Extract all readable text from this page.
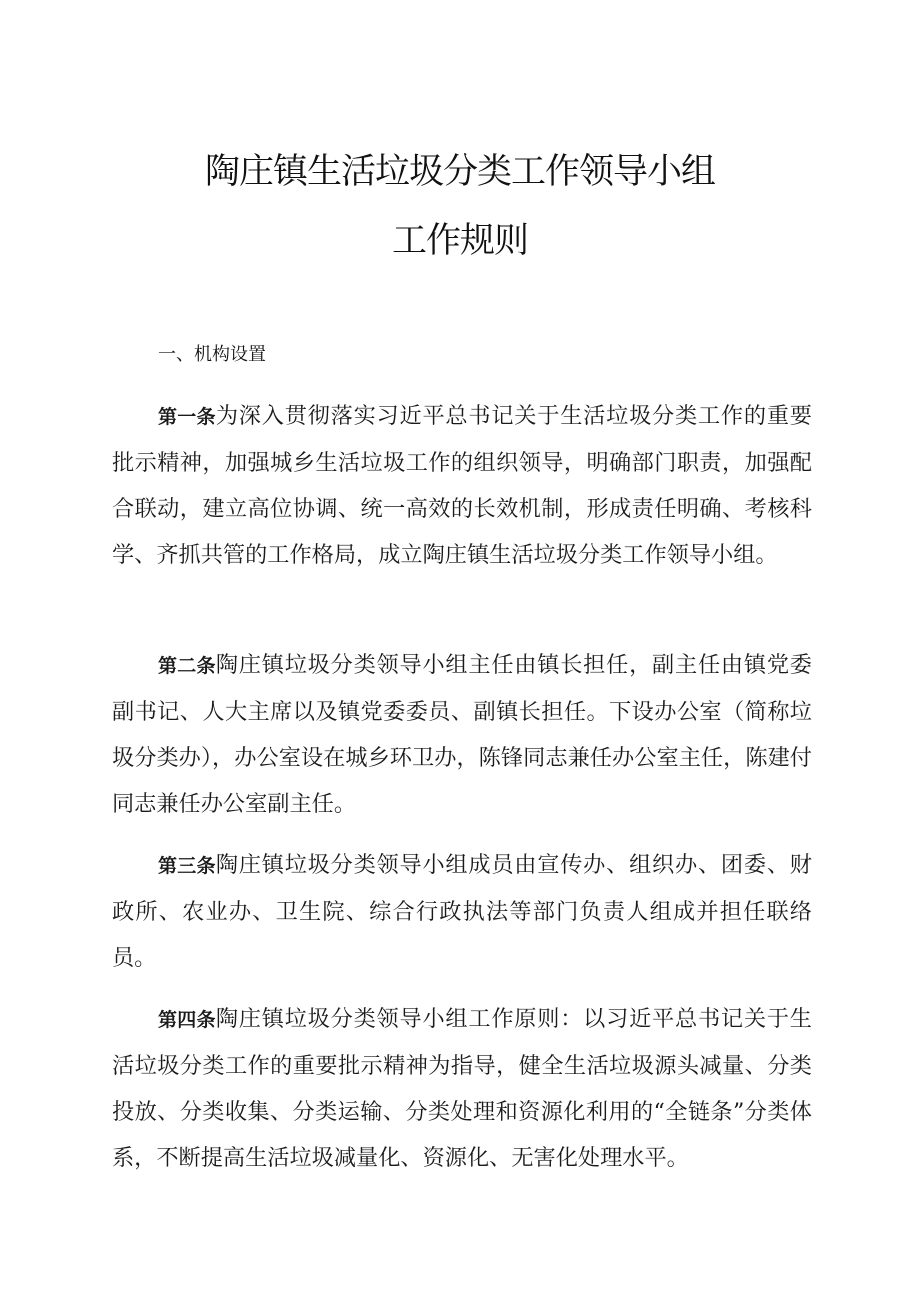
陶庄镇生活垃圾分类工作领导小组
工作规则
一、机构设置

第一条为深入贯彻落实习近平总书记关于生活垃圾分类工作的重要批示精神，加强城乡生活垃圾工作的组织领导，明确部门职责，加强配合联动，建立高位协调、统一高效的长效机制，形成责任明确、考核科学、齐抓共管的工作格局，成立陶庄镇生活垃圾分类工作领导小组。

第二条陶庄镇垃圾分类领导小组主任由镇长担任，副主任由镇党委副书记、人大主席以及镇党委委员、副镇长担任。下设办公室（简称垃圾分类办），办公室设在城乡环卫办，陈锋同志兼任办公室主任，陈建付同志兼任办公室副主任。

第三条陶庄镇垃圾分类领导小组成员由宣传办、组织办、团委、财政所、农业办、卫生院、综合行政执法等部门负责人组成并担任联络员。

第四条陶庄镇垃圾分类领导小组工作原则：以习近平总书记关于生活垃圾分类工作的重要批示精神为指导，健全生活垃圾源头减量、分类投放、分类收集、分类运输、分类处理和资源化利用的“全链条”分类体系，不断提高生活垃圾减量化、资源化、无害化处理水平。
